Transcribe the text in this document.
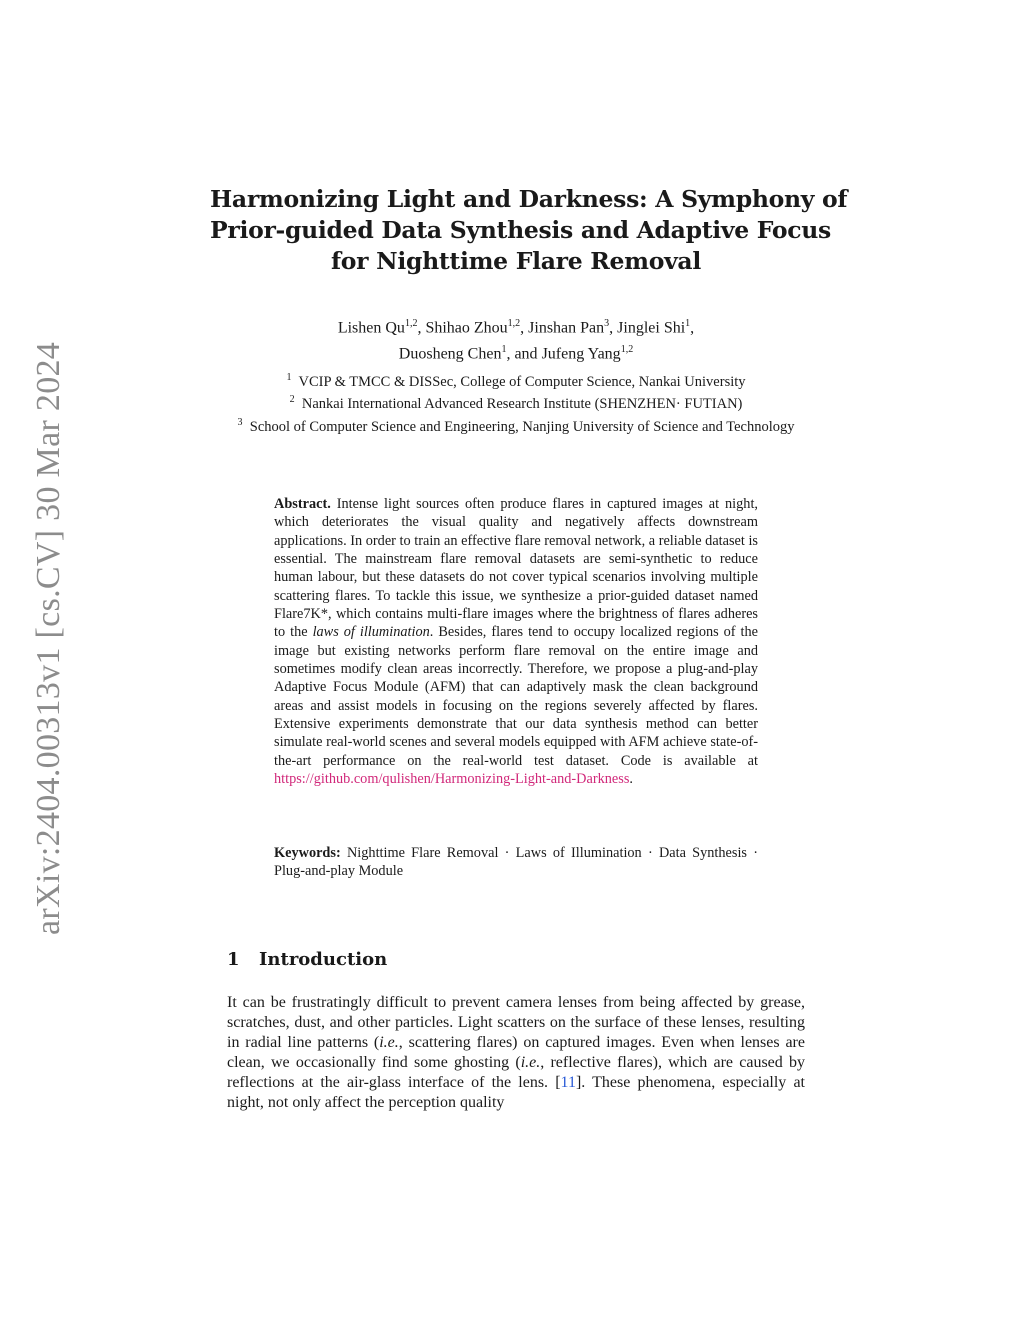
arXiv:2404.00313v1 [cs.CV] 30 Mar 2024
Harmonizing Light and Darkness: A Symphony of
Prior-guided Data Synthesis and Adaptive Focus
for Nighttime Flare Removal
Lishen Qu$^{1,2}$, Shihao Zhou$^{1,2}$, Jinshan Pan$^3$, Jinglei Shi$^1$,
Duosheng Chen$^1$, and Jufeng Yang$^{1,2}$
$^1$ VCIP & TMCC & DISSec, College of Computer Science, Nankai University
$^2$ Nankai International Advanced Research Institute (SHENZHEN· FUTIAN)
$^3$ School of Computer Science and Engineering, Nanjing University of Science and Technology
Abstract. Intense light sources often produce flares in captured images at night, which deteriorates the visual quality and negatively affects downstream applications. In order to train an effective flare removal network, a reliable dataset is essential. The mainstream flare removal datasets are semi-synthetic to reduce human labour, but these datasets do not cover typical scenarios involving multiple scattering flares. To tackle this issue, we synthesize a prior-guided dataset named Flare7K*, which contains multi-flare images where the brightness of flares adheres to the laws of illumination. Besides, flares tend to occupy localized regions of the image but existing networks perform flare removal on the entire image and sometimes modify clean areas incorrectly. Therefore, we propose a plug-and-play Adaptive Focus Module (AFM) that can adaptively mask the clean background areas and assist models in focusing on the regions severely affected by flares. Extensive experiments demonstrate that our data synthesis method can better simulate real-world scenes and several models equipped with AFM achieve state-of-the-art performance on the real-world test dataset. Code is available at https://github.com/qulishen/Harmonizing-Light-and-Darkness.
Keywords: Nighttime Flare Removal · Laws of Illumination · Data Synthesis · Plug-and-play Module
1 Introduction
It can be frustratingly difficult to prevent camera lenses from being affected by grease, scratches, dust, and other particles. Light scatters on the surface of these lenses, resulting in radial line patterns (i.e., scattering flares) on captured images. Even when lenses are clean, we occasionally find some ghosting (i.e., reflective flares), which are caused by reflections at the air-glass interface of the lens. [11]. These phenomena, especially at night, not only affect the perception quality
